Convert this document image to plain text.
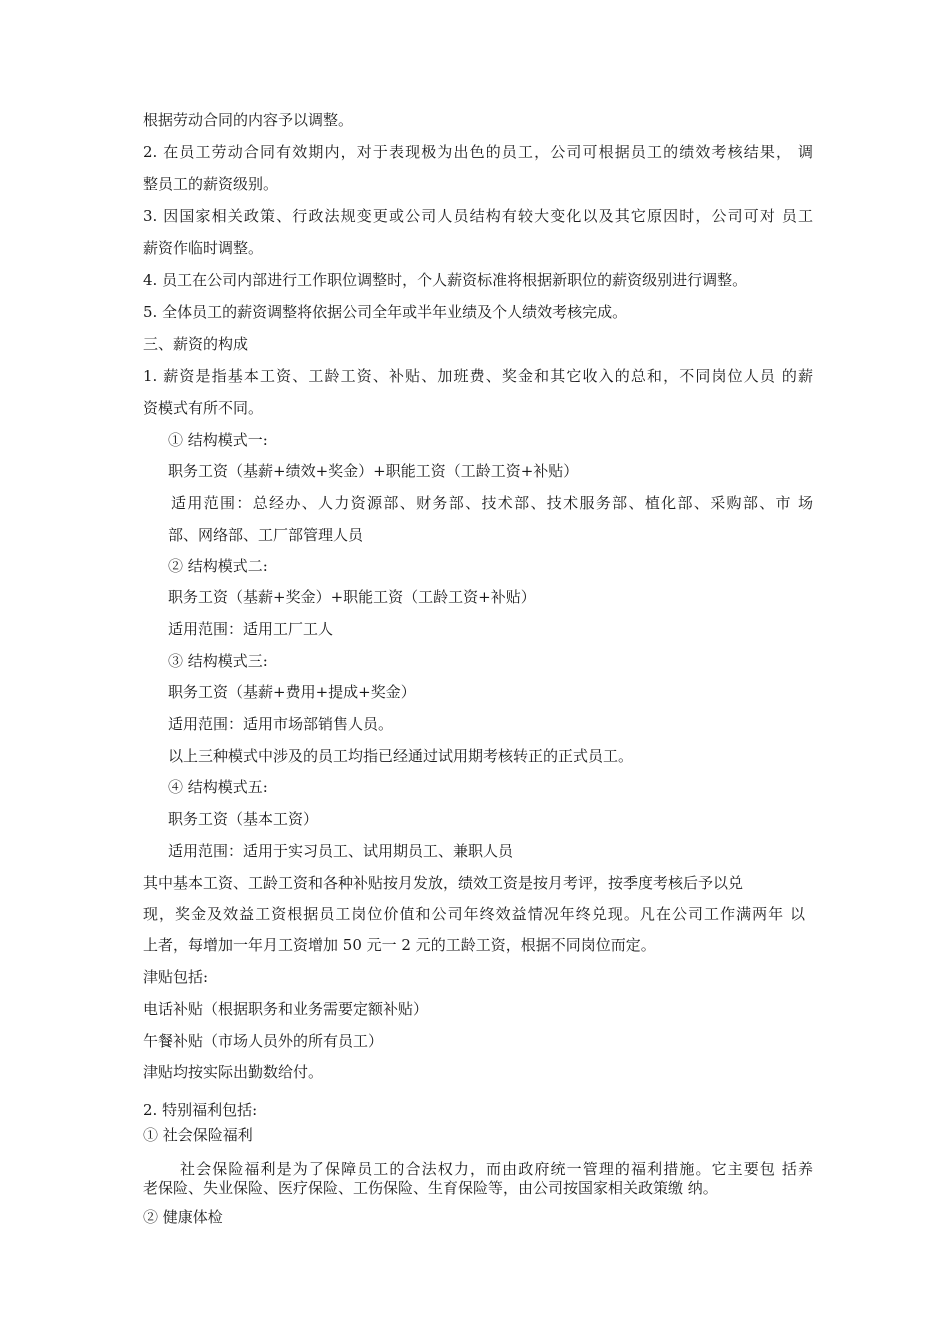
根据劳动合同的内容予以调整。
2. 在员工劳动合同有效期内，对于表现极为出色的员工，公司可根据员工的绩效考核结果， 调
整员工的薪资级别。
3. 因国家相关政策、行政法规变更或公司人员结构有较大变化以及其它原因时，公司可对 员工
薪资作临时调整。
4. 员工在公司内部进行工作职位调整时，个人薪资标准将根据新职位的薪资级别进行调整。
5. 全体员工的薪资调整将依据公司全年或半年业绩及个人绩效考核完成。
三、薪资的构成
1. 薪资是指基本工资、工龄工资、补贴、加班费、奖金和其它收入的总和，不同岗位人员 的薪
资模式有所不同。
① 结构模式一:
职务工资（基薪+绩效+奖金）+职能工资（工龄工资+补贴）
适用范围：总经办、人力资源部、财务部、技术部、技术服务部、植化部、采购部、市 场
部、网络部、工厂部管理人员
② 结构模式二:
职务工资（基薪+奖金）+职能工资（工龄工资+补贴）
适用范围：适用工厂工人
③ 结构模式三:
职务工资（基薪+费用+提成+奖金）
适用范围：适用市场部销售人员。
以上三种模式中涉及的员工均指已经通过试用期考核转正的正式员工。
④ 结构模式五:
职务工资（基本工资）
适用范围：适用于实习员工、试用期员工、兼职人员
其中基本工资、工龄工资和各种补贴按月发放，绩效工资是按月考评，按季度考核后予以兑
现，奖金及效益工资根据员工岗位价值和公司年终效益情况年终兑现。凡在公司工作满两年 以
上者，每增加一年月工资增加 50 元一 2 元的工龄工资，根据不同岗位而定。
津贴包括:
电话补贴（根据职务和业务需要定额补贴）
午餐补贴（市场人员外的所有员工）
津贴均按实际出勤数给付。
2. 特别福利包括:
① 社会保险福利
社会保险福利是为了保障员工的合法权力，而由政府统一管理的福利措施。它主要包 括养
老保险、失业保险、医疗保险、工伤保险、生育保险等，由公司按国家相关政策缴 纳。
② 健康体检
